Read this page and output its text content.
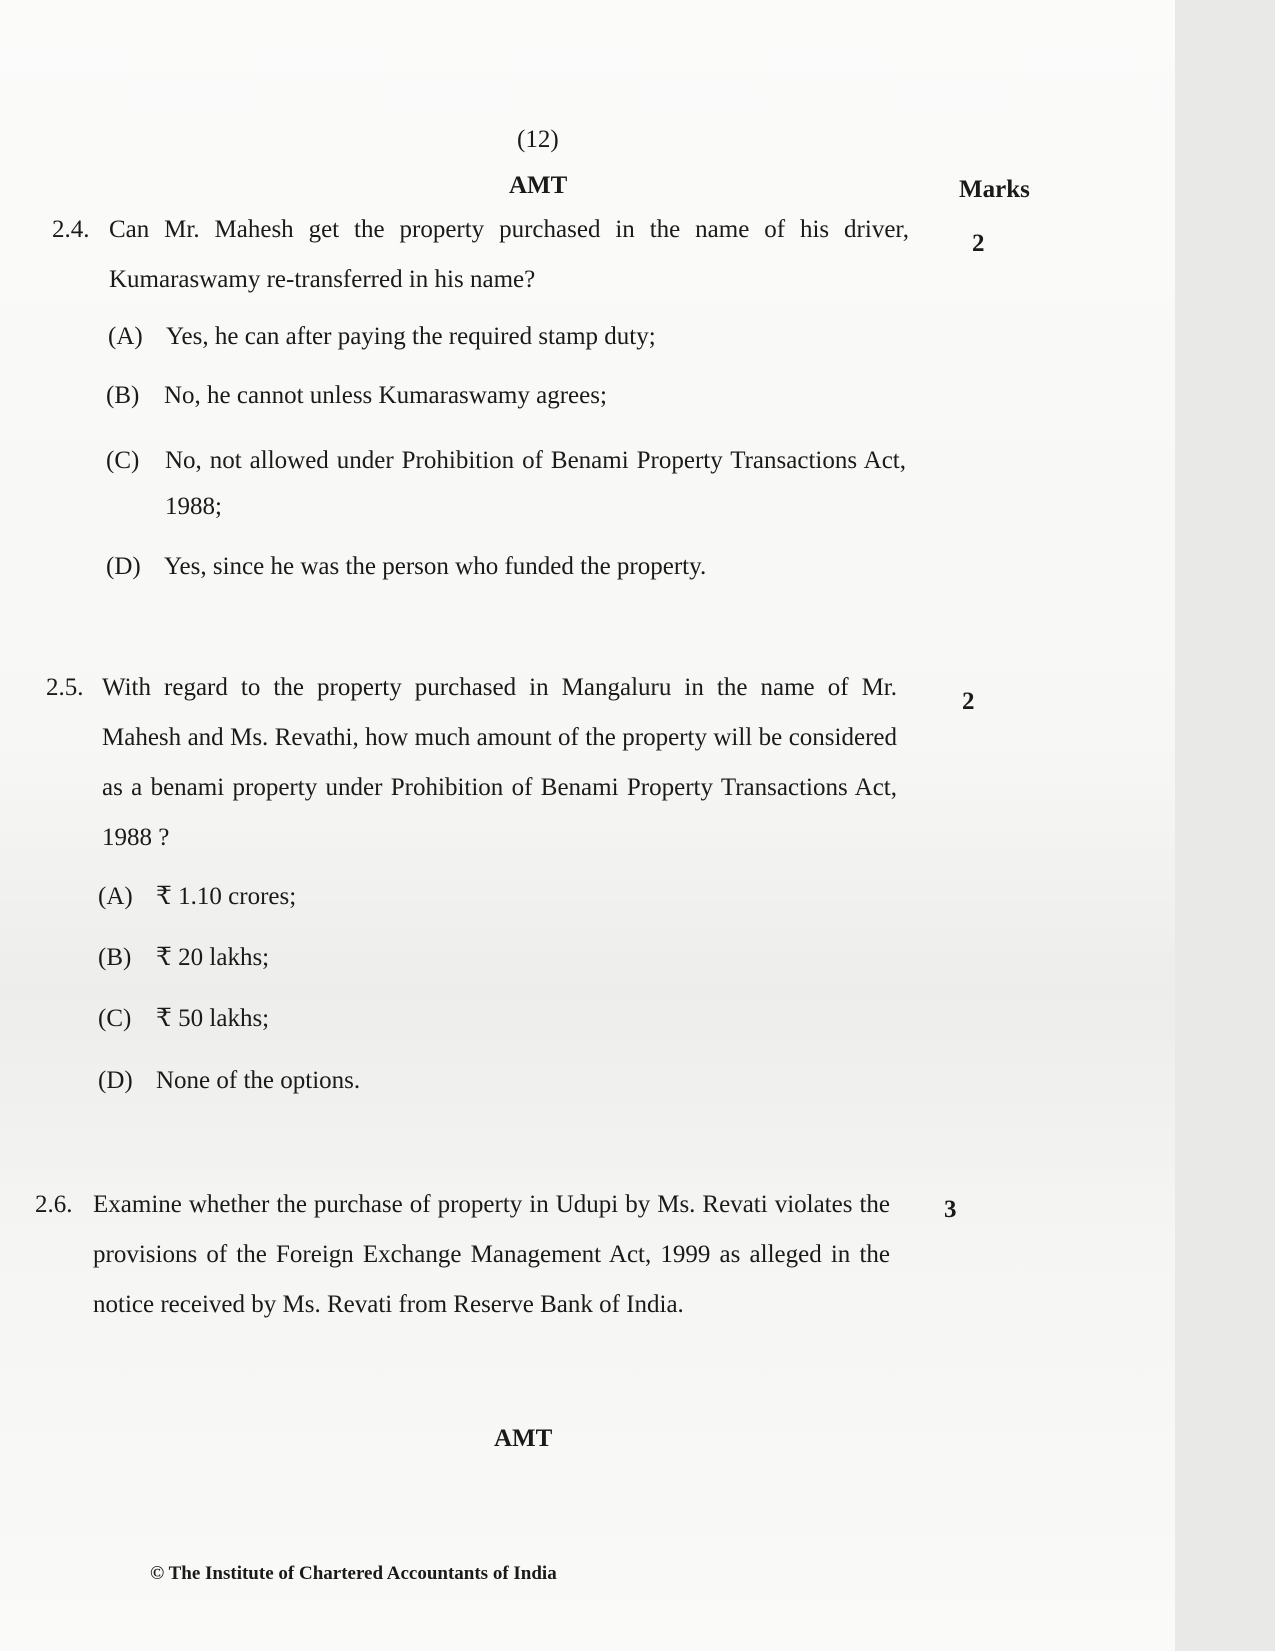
(12)
AMT	Marks
2.4. Can Mr. Mahesh get the property purchased in the name of his driver, Kumaraswamy re-transferred in his name?
2
(A) Yes, he can after paying the required stamp duty;
(B) No, he cannot unless Kumaraswamy agrees;
(C)	No, not allowed under Prohibition of Benami Property Transactions Act, 1988;
(D) Yes, since he was the person who funded the property.
2.5. With regard to the property purchased in Mangaluru in the name of Mr. Mahesh and Ms. Revathi, how much amount of the property will be considered as a benami property under Prohibition of Benami Property Transactions Act, 1988 ?
2
(A) ₹ 1.10 crores;
(B) ₹ 20 lakhs;
(C) ₹ 50 lakhs;
(D) None of the options.
2.6. Examine whether the purchase of property in Udupi by Ms. Revati violates the provisions of the Foreign Exchange Management Act, 1999 as alleged in the notice received by Ms. Revati from Reserve Bank of India.
3
AMT
© The Institute of Chartered Accountants of India
